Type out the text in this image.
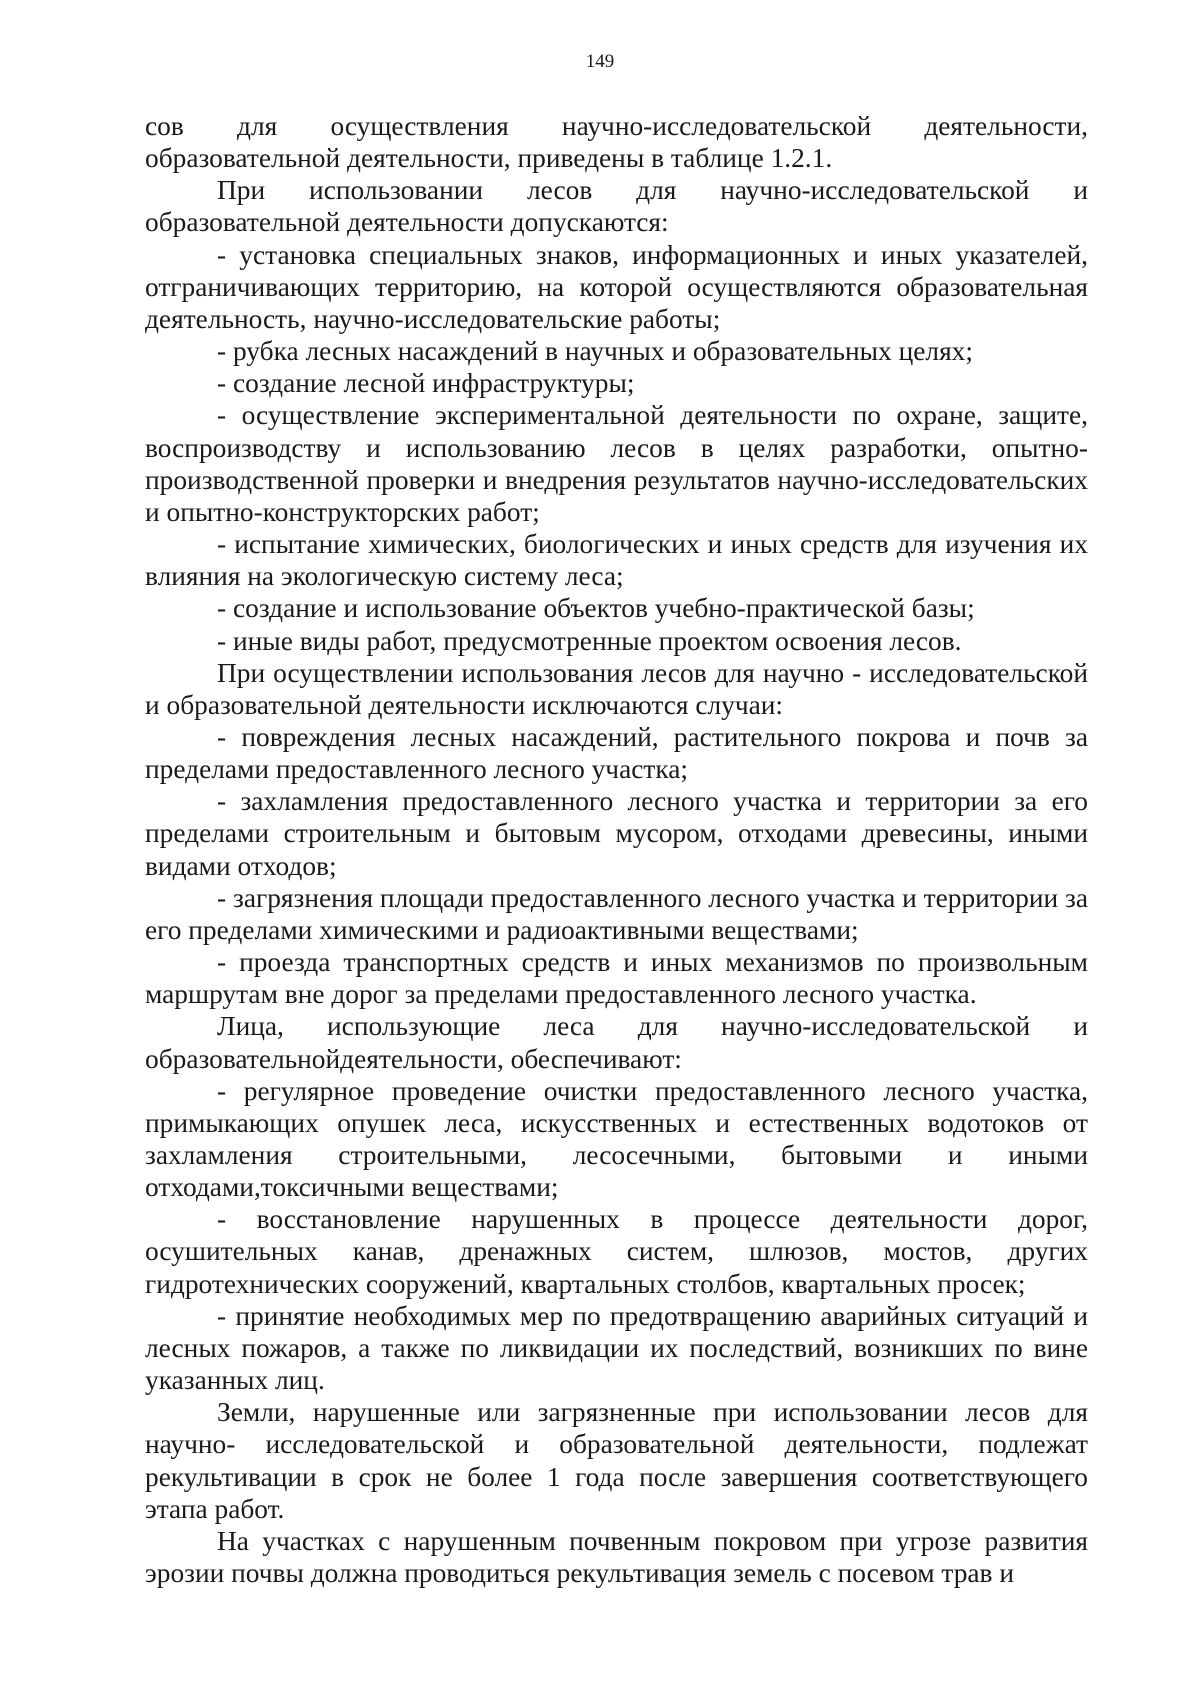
149

сов для осуществления научно-исследовательской деятельности, образовательной деятельности, приведены в таблице 1.2.1.

При использовании лесов для научно-исследовательской и образовательной деятельности допускаются:

- установка специальных знаков, информационных и иных указателей, отграничивающих территорию, на которой осуществляются образовательная деятельность, научно-исследовательские работы;

- рубка лесных насаждений в научных и образовательных целях;

- создание лесной инфраструктуры;

- осуществление экспериментальной деятельности по охране, защите, воспроизводству и использованию лесов в целях разработки, опытно- производственной проверки и внедрения результатов научно-исследовательских и опытно-конструкторских работ;

- испытание химических, биологических и иных средств для изучения их влияния на экологическую систему леса;

- создание и использование объектов учебно-практической базы;

- иные виды работ, предусмотренные проектом освоения лесов.

При осуществлении использования лесов для научно - исследовательской и образовательной деятельности исключаются случаи:

- повреждения лесных насаждений, растительного покрова и почв за пределами предоставленного лесного участка;

- захламления предоставленного лесного участка и территории за его пределами строительным и бытовым мусором, отходами древесины, иными видами отходов;

- загрязнения площади предоставленного лесного участка и территории за его пределами химическими и радиоактивными веществами;

- проезда транспортных средств и иных механизмов по произвольным маршрутам вне дорог за пределами предоставленного лесного участка.

Лица, использующие леса для научно-исследовательской и образовательнойдеятельности, обеспечивают:

- регулярное проведение очистки предоставленного лесного участка, примыкающих опушек леса, искусственных и естественных водотоков от захламления строительными, лесосечными, бытовыми и иными отходами,токсичными веществами;

- восстановление нарушенных в процессе деятельности дорог, осушительных канав, дренажных систем, шлюзов, мостов, других гидротехнических сооружений, квартальных столбов, квартальных просек;

- принятие необходимых мер по предотвращению аварийных ситуаций и лесных пожаров, а также по ликвидации их последствий, возникших по вине указанных лиц.

Земли, нарушенные или загрязненные при использовании лесов для научно- исследовательской и образовательной деятельности, подлежат рекультивации в срок не более 1 года после завершения соответствующего этапа работ.

На участках с нарушенным почвенным покровом при угрозе развития эрозии почвы должна проводиться рекультивация земель с посевом трав и
